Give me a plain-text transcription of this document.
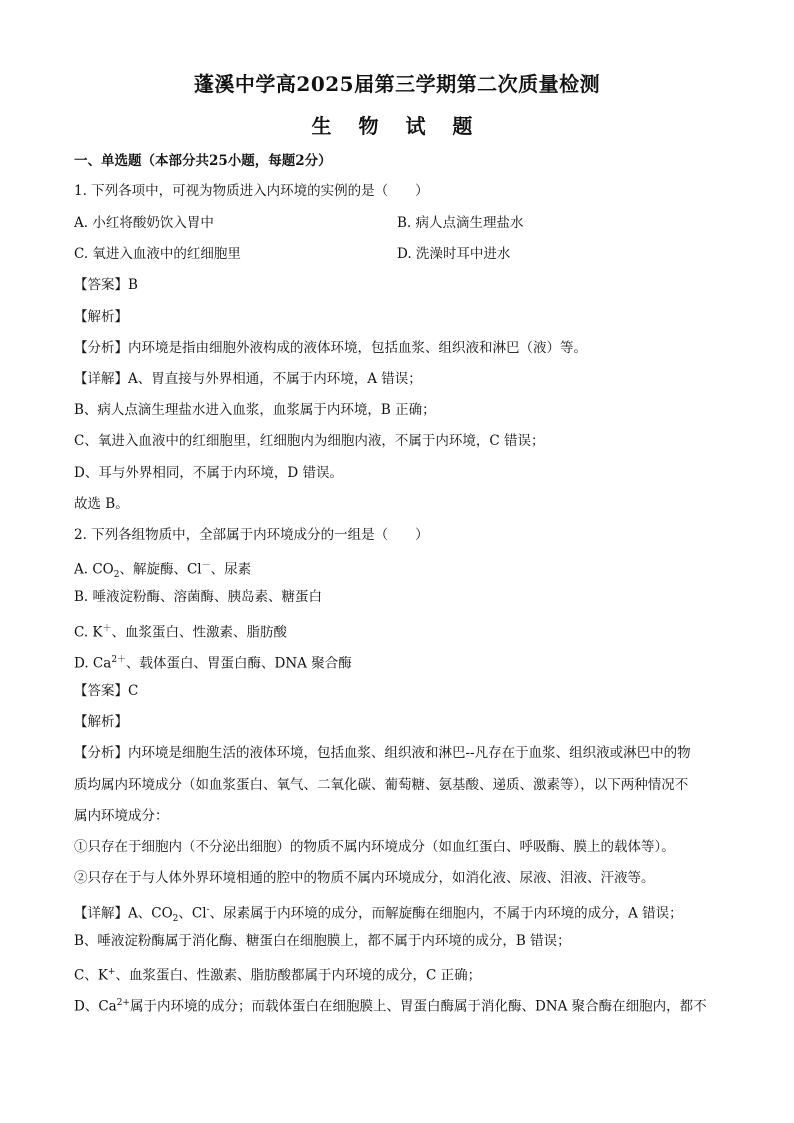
蓬溪中学高2025届第三学期第二次质量检测
生 物 试 题
一、单选题（本部分共25小题，每题2分）
1. 下列各项中，可视为物质进入内环境的实例的是（　　）
A. 小红将酸奶饮入胃中	B. 病人点滴生理盐水
C. 氧进入血液中的红细胞里	D. 洗澡时耳中进水
【答案】B
【解析】
【分析】内环境是指由细胞外液构成的液体环境，包括血浆、组织液和淋巴（液）等。
【详解】A、胃直接与外界相通，不属于内环境，A 错误；
B、病人点滴生理盐水进入血浆，血浆属于内环境，B 正确；
C、氧进入血液中的红细胞里，红细胞内为细胞内液，不属于内环境，C 错误；
D、耳与外界相同，不属于内环境，D 错误。
故选 B。
2. 下列各组物质中，全部属于内环境成分的一组是（　　）
A. $CO_2$、解旋酶、Cl－、尿素
B. 唾液淀粉酶、溶菌酶、胰岛素、糖蛋白
C. K＋、血浆蛋白、性激素、脂肪酸
D. $Ca^{2+}$、载体蛋白、胃蛋白酶、DNA 聚合酶
【答案】C
【解析】
【分析】内环境是细胞生活的液体环境，包括血浆、组织液和淋巴--凡存在于血浆、组织液或淋巴中的物
质均属内环境成分（如血浆蛋白、氧气、二氧化碳、葡萄糖、氨基酸、递质、激素等），以下两种情况不
属内环境成分：
①只存在于细胞内（不分泌出细胞）的物质不属内环境成分（如血红蛋白、呼吸酶、膜上的载体等）。
②只存在于与人体外界环境相通的腔中的物质不属内环境成分，如消化液、尿液、泪液、汗液等。
【详解】A、$CO_2$、Cl-、尿素属于内环境的成分，而解旋酶在细胞内，不属于内环境的成分，A 错误；
B、唾液淀粉酶属于消化酶、糖蛋白在细胞膜上，都不属于内环境的成分，B 错误；
C、K+、血浆蛋白、性激素、脂肪酸都属于内环境的成分，C 正确；
D、$Ca^{2+}$属于内环境的成分；而载体蛋白在细胞膜上、胃蛋白酶属于消化酶、DNA 聚合酶在细胞内，都不
